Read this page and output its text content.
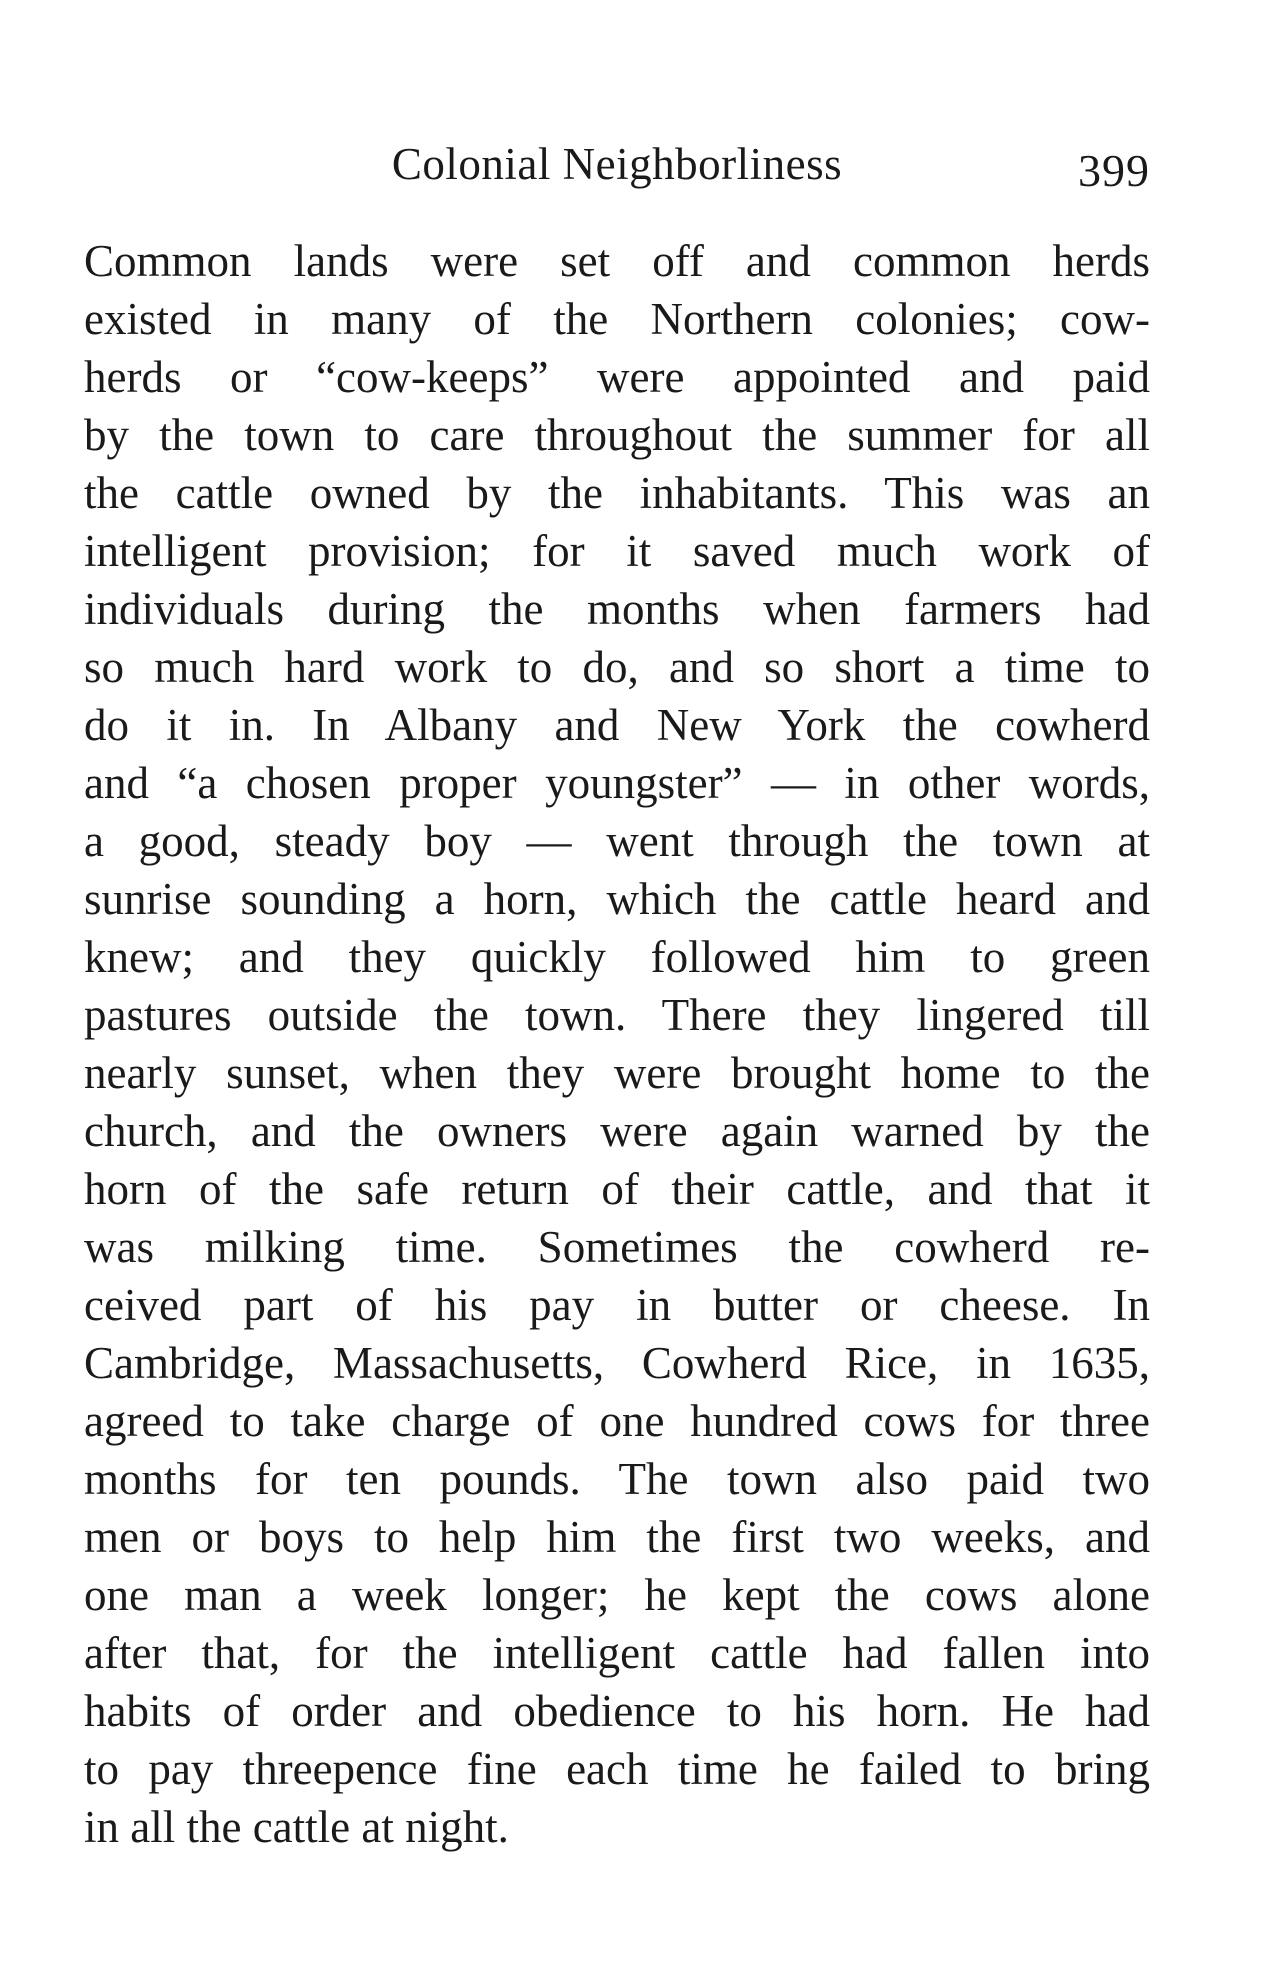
Colonial Neighborliness	399
Common lands were set off and common herds
existed in many of the Northern colonies; cow-
herds or “cow-keeps” were appointed and paid
by the town to care throughout the summer for all
the cattle owned by the inhabitants. This was an
intelligent provision; for it saved much work of
individuals during the months when farmers had
so much hard work to do, and so short a time to
do it in. In Albany and New York the cowherd
and “a chosen proper youngster” — in other words,
a good, steady boy — went through the town at
sunrise sounding a horn, which the cattle heard and
knew; and they quickly followed him to green
pastures outside the town. There they lingered till
nearly sunset, when they were brought home to the
church, and the owners were again warned by the
horn of the safe return of their cattle, and that it
was milking time. Sometimes the cowherd re-
ceived part of his pay in butter or cheese. In
Cambridge, Massachusetts, Cowherd Rice, in 1635,
agreed to take charge of one hundred cows for three
months for ten pounds. The town also paid two
men or boys to help him the first two weeks, and
one man a week longer; he kept the cows alone
after that, for the intelligent cattle had fallen into
habits of order and obedience to his horn. He had
to pay threepence fine each time he failed to bring
in all the cattle at night.
